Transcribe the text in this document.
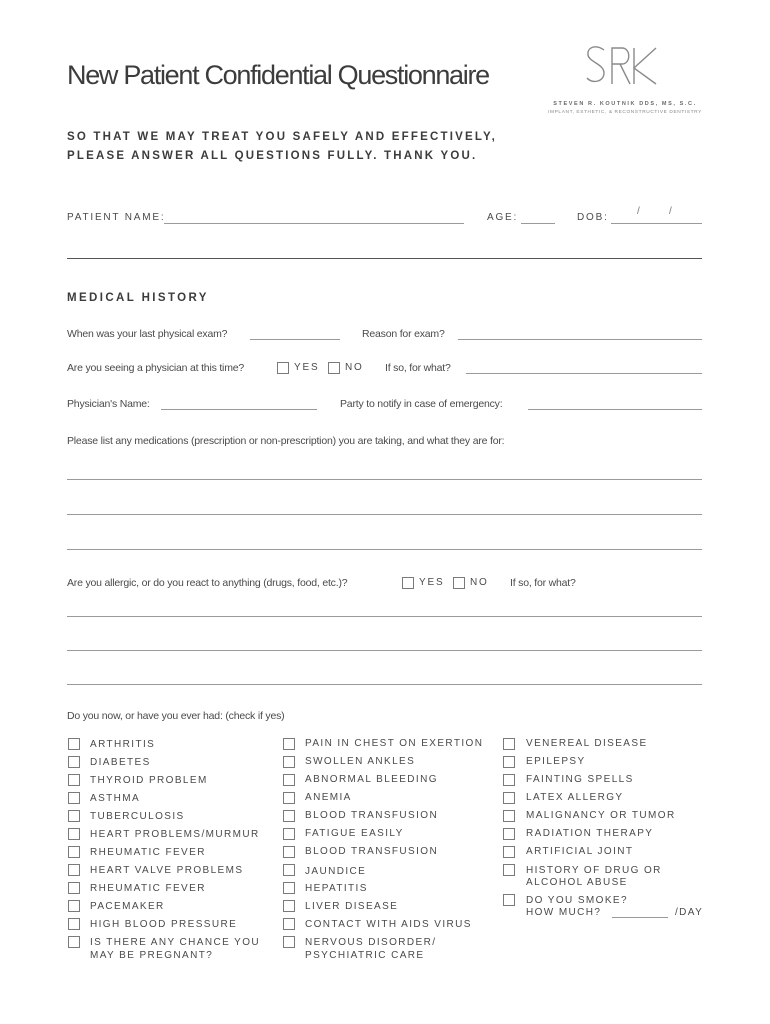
New Patient Confidential Questionnaire
STEVEN R. KOUTNIK DDS, MS, S.C.
IMPLANT, ESTHETIC, & RECONSTRUCTIVE DENTISTRY
SO THAT WE MAY TREAT YOU SAFELY AND EFFECTIVELY,
PLEASE ANSWER ALL QUESTIONS FULLY. THANK YOU.
PATIENT NAME:	AGE:	DOB:
/	/
MEDICAL HISTORY
When was your last physical exam?	Reason for exam?
Are you seeing a physician at this time?	YES	NO If so, for what?
Physician's Name:	Party to notify in case of emergency:
Please list any medications (prescription or non-prescription) you are taking, and what they are for:
Are you allergic, or do you react to anything (drugs, food, etc.)?	YES	NO If so, for what?
Do you now, or have you ever had: (check if yes)
ARTHRITIS
DIABETES
THYROID PROBLEM
ASTHMA
TUBERCULOSIS
HEART PROBLEMS/MURMUR
RHEUMATIC FEVER
HEART VALVE PROBLEMS
RHEUMATIC FEVER
PACEMAKER
HIGH BLOOD PRESSURE
IS THERE ANY CHANCE YOU
MAY BE PREGNANT?
PAIN IN CHEST ON EXERTION
SWOLLEN ANKLES
ABNORMAL BLEEDING
ANEMIA
BLOOD TRANSFUSION
FATIGUE EASILY
BLOOD TRANSFUSION
JAUNDICE
HEPATITIS
LIVER DISEASE
CONTACT WITH AIDS VIRUS
NERVOUS DISORDER/
PSYCHIATRIC CARE
VENEREAL DISEASE
EPILEPSY
FAINTING SPELLS
LATEX ALLERGY
MALIGNANCY OR TUMOR
RADIATION THERAPY
ARTIFICIAL JOINT
HISTORY OF DRUG OR
ALCOHOL ABUSE
DO YOU SMOKE?
HOW MUCH?	/DAY
